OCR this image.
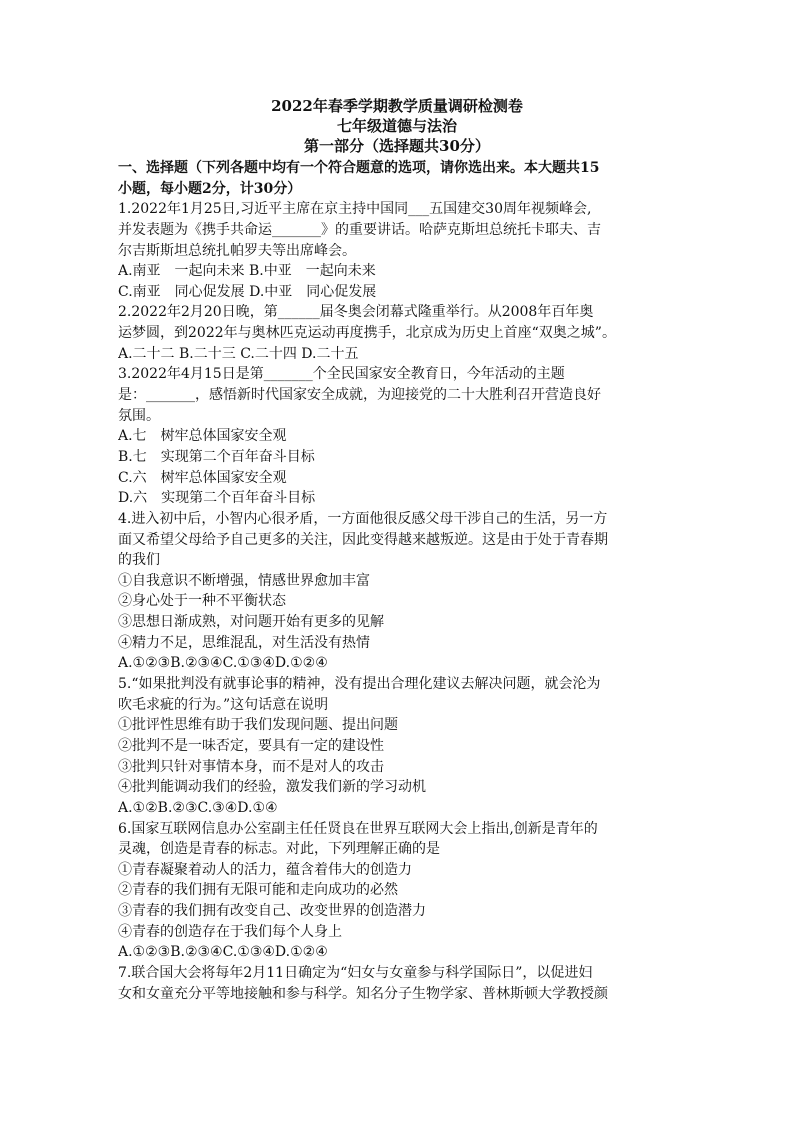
2022年春季学期教学质量调研检测卷
七年级道德与法治
第一部分（选择题共30分）
一、选择题（下列各题中均有一个符合题意的选项，请你选出来。本大题共15
小题，每小题2分，计30分）
1.2022年1月25日,习近平主席在京主持中国同___五国建交30周年视频峰会,
并发表题为《携手共命运_______》的重要讲话。哈萨克斯坦总统托卡耶夫、吉
尔吉斯斯坦总统扎帕罗夫等出席峰会。
A.南亚　一起向未来 B.中亚　一起向未来
C.南亚　同心促发展 D.中亚　同心促发展
2.2022年2月20日晚，第______届冬奥会闭幕式隆重举行。从2008年百年奥
运梦圆，到2022年与奥林匹克运动再度携手，北京成为历史上首座“双奥之城”。
A.二十二 B.二十三 C.二十四 D.二十五
3.2022年4月15日是第_______个全民国家安全教育日，今年活动的主题
是：_______，感悟新时代国家安全成就，为迎接党的二十大胜利召开营造良好
氛围。
A.七　树牢总体国家安全观
B.七　实现第二个百年奋斗目标
C.六　树牢总体国家安全观
D.六　实现第二个百年奋斗目标
4.进入初中后，小智内心很矛盾，一方面他很反感父母干涉自己的生活，另一方
面又希望父母给予自己更多的关注，因此变得越来越叛逆。这是由于处于青春期
的我们
①自我意识不断增强，情感世界愈加丰富
②身心处于一种不平衡状态
③思想日渐成熟，对问题开始有更多的见解
④精力不足，思维混乱，对生活没有热情
A.①②③B.②③④C.①③④D.①②④
5.“如果批判没有就事论事的精神，没有提出合理化建议去解决问题，就会沦为
吹毛求疵的行为。”这句话意在说明
①批评性思维有助于我们发现问题、提出问题
②批判不是一味否定，要具有一定的建设性
③批判只针对事情本身，而不是对人的攻击
④批判能调动我们的经验，激发我们新的学习动机
A.①②B.②③C.③④D.①④
6.国家互联网信息办公室副主任任贤良在世界互联网大会上指出,创新是青年的
灵魂，创造是青春的标志。对此，下列理解正确的是
①青春凝聚着动人的活力，蕴含着伟大的创造力
②青春的我们拥有无限可能和走向成功的必然
③青春的我们拥有改变自己、改变世界的创造潜力
④青春的创造存在于我们每个人身上
A.①②③B.②③④C.①③④D.①②④
7.联合国大会将每年2月11日确定为“妇女与女童参与科学国际日”，以促进妇
女和女童充分平等地接触和参与科学。知名分子生物学家、普林斯顿大学教授颜
